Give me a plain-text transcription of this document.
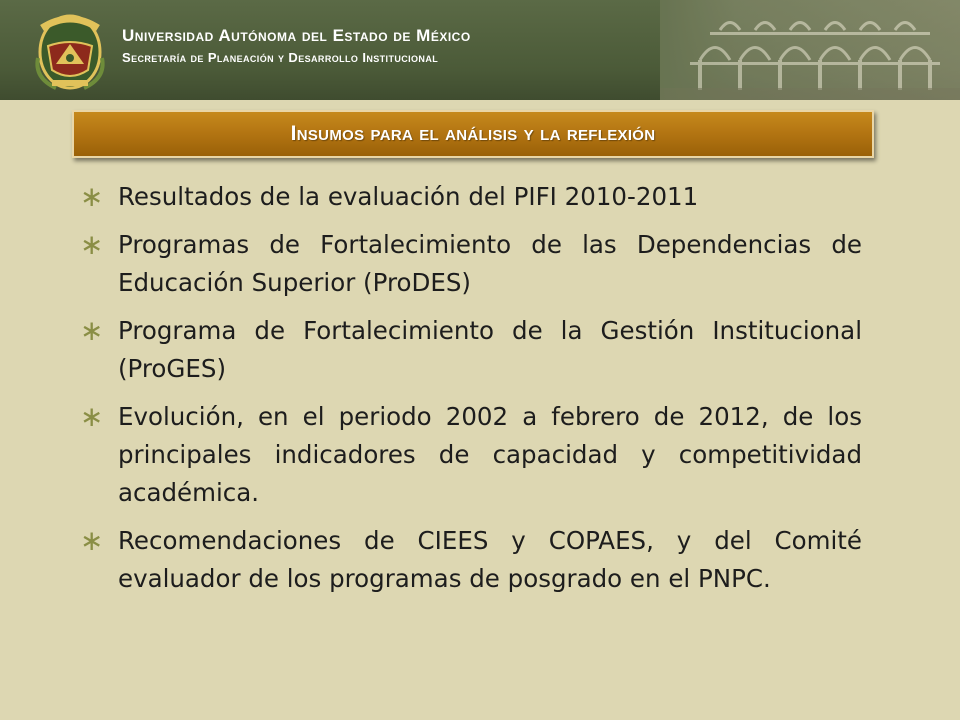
Universidad Autónoma del Estado de México
Secretaría de Planeación y Desarrollo Institucional
Insumos para el análisis y la reflexión
∗ Resultados de la evaluación del PIFI 2010-2011
∗ Programas de Fortalecimiento de las Dependencias de Educación Superior (ProDES)
∗ Programa de Fortalecimiento de la Gestión Institucional (ProGES)
∗ Evolución, en el periodo 2002 a febrero de 2012, de los principales indicadores de capacidad y competitividad académica.
∗ Recomendaciones de CIEES y COPAES, y del Comité evaluador de los programas de posgrado en el PNPC.
